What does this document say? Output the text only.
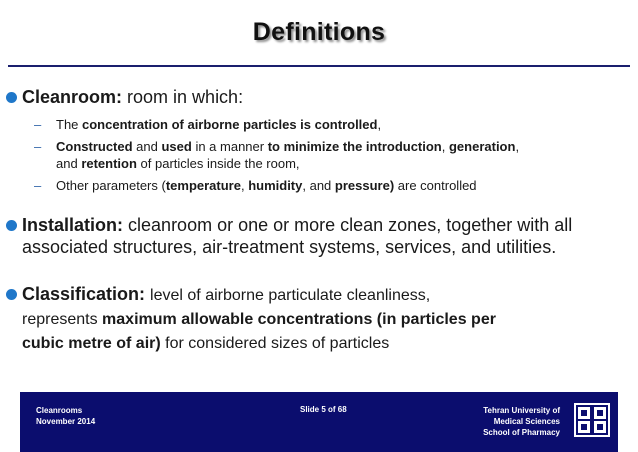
Definitions
Cleanroom: room in which:
– The concentration of airborne particles is controlled,
– Constructed and used in a manner to minimize the introduction, generation,
and retention of particles inside the room,
– Other parameters (temperature, humidity, and pressure) are controlled
Installation: cleanroom or one or more clean zones, together with all
associated structures, air-treatment systems, services, and utilities.
Classification: level of airborne particulate cleanliness,
represents maximum allowable concentrations (in particles per
cubic metre of air) for considered sizes of particles
Cleanrooms
November 2014
Slide 5 of 68	Tehran University of
Medical Sciences
School of Pharmacy
